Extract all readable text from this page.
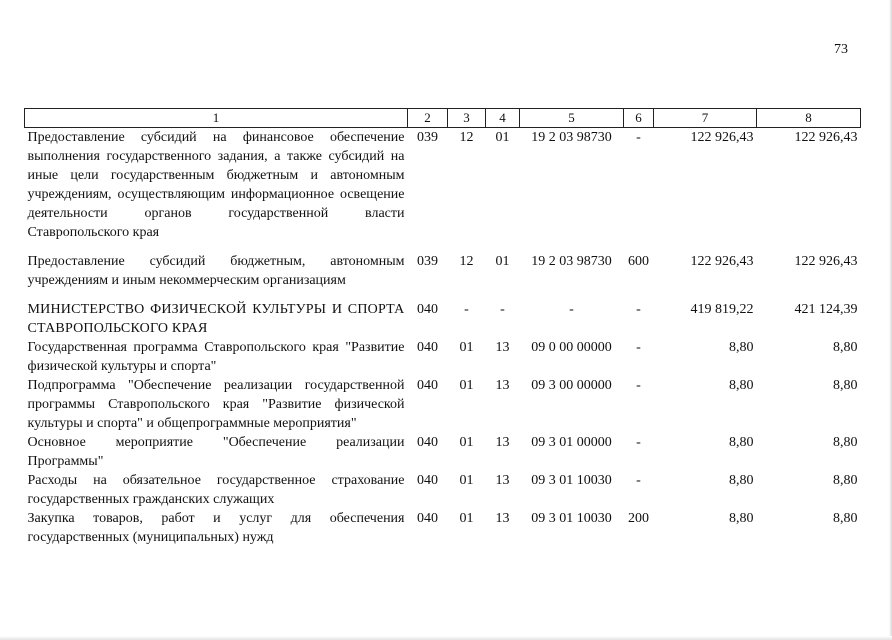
73
1	2	3	4	5	6	7	8
Предоставление субсидий на финансовое обеспечение выполнения государственного задания, а также субсидий на иные цели государственным бюджетным и автономным учреждениям, осуществляющим информационное освещение деятельности органов государственной власти Ставропольского края	039	12	01	19 2 03 98730	-	122 926,43	122 926,43
Предоставление субсидий бюджетным, автономным учреждениям и иным некоммерческим организациям	039	12	01	19 2 03 98730	600	122 926,43	122 926,43
МИНИСТЕРСТВО ФИЗИЧЕСКОЙ КУЛЬТУРЫ И СПОРТА СТАВРОПОЛЬСКОГО КРАЯ	040	-	-	-	-	419 819,22	421 124,39
Государственная программа Ставропольского края "Развитие физической культуры и спорта"	040	01	13	09 0 00 00000	-	8,80	8,80
Подпрограмма "Обеспечение реализации государственной программы Ставропольского края "Развитие физической культуры и спорта" и общепрограммные мероприятия"	040	01	13	09 3 00 00000	-	8,80	8,80
Основное мероприятие "Обеспечение реализации Программы"	040	01	13	09 3 01 00000	-	8,80	8,80
Расходы на обязательное государственное страхование государственных гражданских служащих	040	01	13	09 3 01 10030	-	8,80	8,80
Закупка товаров, работ и услуг для обеспечения государственных (муниципальных) нужд	040	01	13	09 3 01 10030	200	8,80	8,80
